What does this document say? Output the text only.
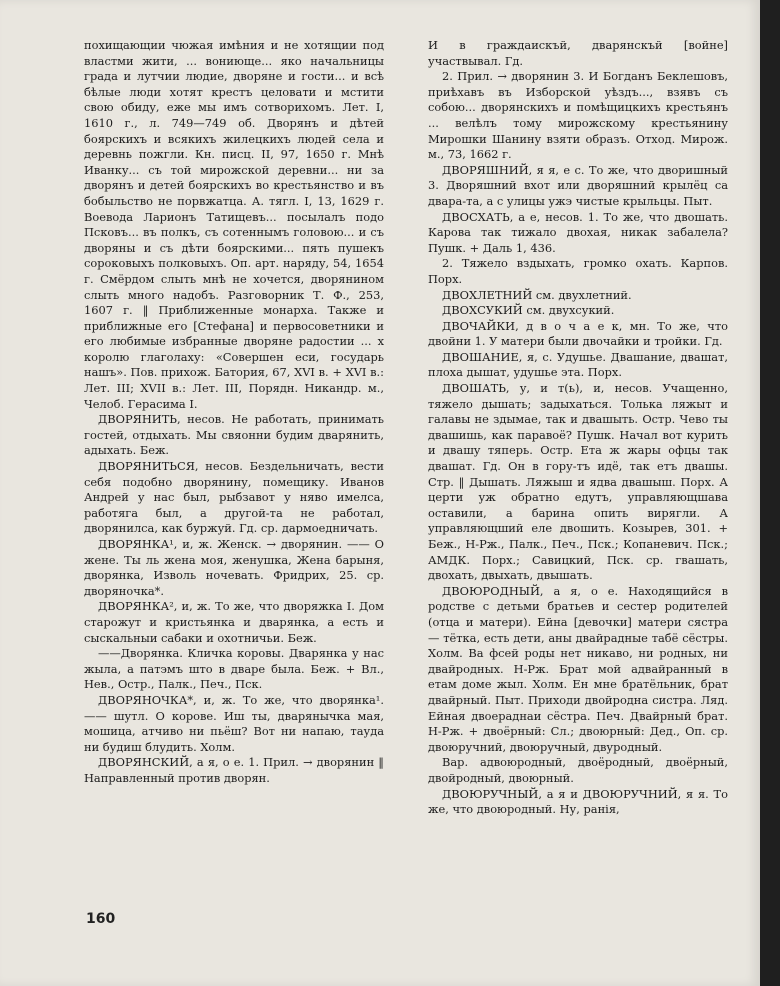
похищающии чюжая имѣния и не хотящии под властми жити, ... вониюще... яко начальницы града и лутчии людие, дворяне и гости... и всѣ бѣлые люди хотят крестъ целовати и мстити свою обиду, еже мы имъ сотворихомъ. Лет. I, 1610 г., л. 749—749 об. Дворянъ и дѣтей боярскихъ и всякихъ жилецкихъ людей села и деревнь пожгли. Кн. писц. II, 97, 1650 г. Мнѣ Иванку... съ той мирожской деревни... ни за дворянъ и детей боярскихъ во крестьянство и въ бобыльство не порвжатца. А. тягл. I, 13, 1629 г. Воевода Ларионъ Татищевъ... посылалъ подо Псковъ... въ полкъ, съ сотеннымъ головою... и съ дворяны и съ дѣти боярскими... пять пушекъ сороковыхъ полковыхъ. Оп. арт. наряду, 54, 1654 г. Смёрдом слыть мнѣ не хочется, дворянином слыть много надобъ. Разговорник Т. Ф., 253, 1607 г. ‖ Приближенные монарха. Также и приближные его [Стефана] и первосоветники и его любимые избранные дворяне радостии ... х королю глаголаху: «Совершен еси, государь нашъ». Пов. прихож. Батория, 67, XVI в. + XVI в.: Лет. III; XVII в.: Лет. III, Порядн. Никандр. м., Челоб. Герасима I.

ДВОРЯНИТЬ, несов. Не работать, принимать гостей, отдыхать. Мы свяонни будим дварянить, адыхать. Беж.

ДВОРЯНИТЬСЯ, несов. Бездельничать, вести себя подобно дворянину, помещику. Иванов Андрей у нас был, рыбзавот у няво имелса, работяга был, а другой-та не работал, дворянилса, как буржуй. Гд. ср. дармоедничать.

ДВОРЯНКА¹, и, ж. Женск. → дворянин. —— О жене. Ты ль жена моя, женушка, Жена барыня, дворянка, Изволь ночевать. Фридрих, 25. ср. дворяночка*.

ДВОРЯНКА², и, ж. То же, что дворяжка I. Дом старожут и кристьянка и дварянка, а есть и сыскальныи сабаки и охотничьи. Беж.

——Дворянка. Кличка коровы. Дварянка у нас жыла, а патэмъ што в дваре была. Беж. + Вл., Нев., Остр., Палк., Печ., Пск.

ДВОРЯНОЧКА*, и, ж. То же, что дворянка¹. —— шутл. О корове. Иш ты, дварянычка мая, мошица, атчиво ни пьёш? Вот ни напаю, тауда ни будиш блудить. Холм.

ДВОРЯНСКИЙ, а я, о е. 1. Прил. → дворянин ‖ Направленный против дворян.

И в граждаискъй, дварянскъй [войне] участвывал. Гд.

2. Прил. → дворянин 3. И Богданъ Беклешовъ, приѣхавъ въ Изборской уѣздъ..., взявъ съ собою... дворянскихъ и помѣщицкихъ крестьянъ ... велѣлъ тому мирожскому крестьянину Мирошки Шанину взяти образъ. Отход. Мирож. м., 73, 1662 г.

ДВОРЯШНИЙ, я я, е с. То же, что дворишный 3. Дворяшний вхот или дворяшний крылёц са двара-та, а с улицы ужэ чистые крыльцы. Пыт.

ДВОСХАТЬ, а е, несов. 1. То же, что двошать. Карова так тижало двохая, никак забалела? Пушк. + Даль 1, 436.

2. Тяжело вздыхать, громко охать. Карпов. Порх.

ДВОХЛЕТНИЙ см. двухлетний.

ДВОХСУКИЙ см. двухсукий.

ДВОЧАЙКИ, д в о ч а е к, мн. То же, что двойни 1. У матери были двочайки и тройки. Гд.

ДВОШАНИЕ, я, с. Удушье. Двашание, двашат, плоха дышат, удушье эта. Порх.

ДВОШАТЬ, у, и т(ь), и, несов. Учащенно, тяжело дышать; задыхаться. Толька ляжыт и галавы не здымае, так и двашыть. Остр. Чево ты двашишь, как паравоё? Пушк. Начал вот курить и двашу тяперь. Остр. Ета ж жары офцы так двашат. Гд. Он в гору-тъ идё, так етъ двашы. Стр. ‖ Дышать. Ляжыш и ядва двашыш. Порх. А церти уж обратно едутъ, управляющшава оставили, а барина опить вирягли. А управляющший еле двошить. Козырев, 301. + Беж., Н-Рж., Палк., Печ., Пск.; Копаневич. Пск.; АМДК. Порх.; Савицкий, Пск. ср. гвашать, двохать, двыхать, двышать.

ДВОЮРОДНЫЙ, а я, о е. Находящийся в родстве с детьми братьев и сестер родителей (отца и матери). Ейна [девочки] матери сястра — тётка, есть дети, аны двайрадные табё сёстры. Холм. Ва фсей роды нет никаво, ни родных, ни двайродных. Н-Рж. Брат мой адвайранный в етам доме жыл. Холм. Ен мне братёльник, брат двайрный. Пыт. Приходи двойродна систра. Ляд. Ейная двоераднаи сёстра. Печ. Двайрный брат. Н-Рж. + двоёрный: Сл.; двоюрный: Дед., Оп. ср. двоюручний, двоюручный, двурoдный.

Вар. адвоюродный, двоёродный, двоёрный, двойродный, двоюрный.

ДВОЮРУЧНЫЙ, а я и ДВОЮРУЧНИЙ, я я. То же, что двоюродный. Ну, ранiя,

160
